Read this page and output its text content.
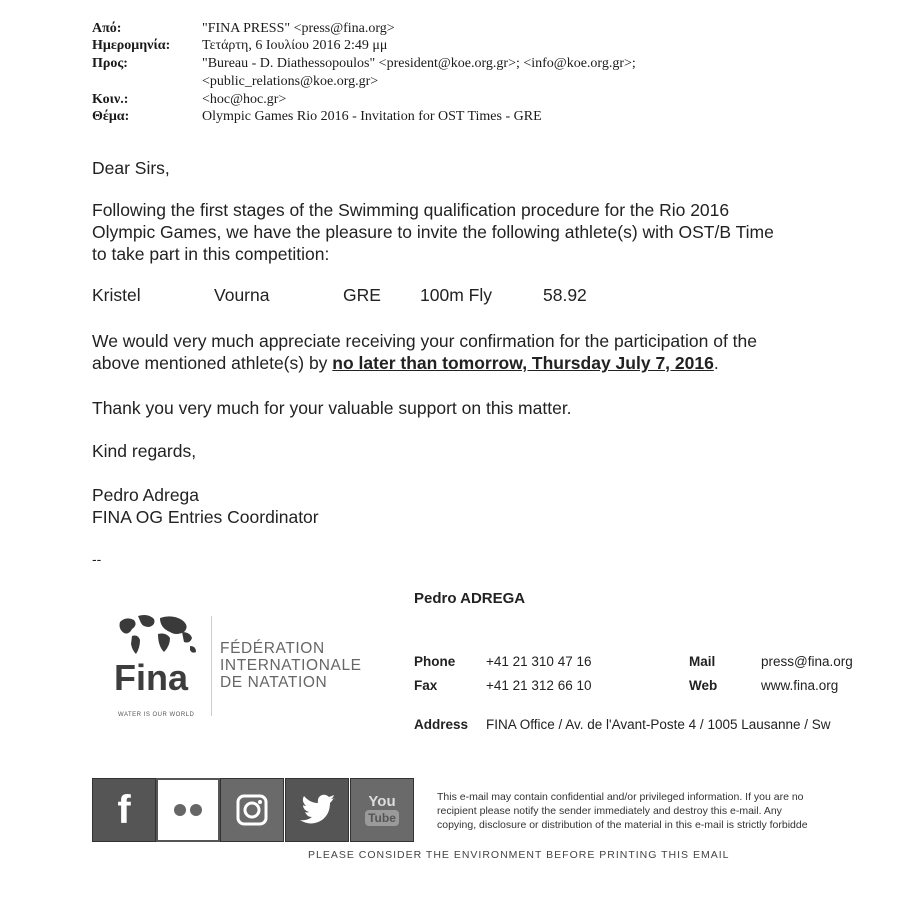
Από:	"FINA PRESS" <press@fina.org>
Ημερομηνία: Τετάρτη, 6 Ιουλίου 2016 2:49 μμ
Προς:	"Bureau - D. Diathessopoulos" <president@koe.org.gr>; <info@koe.org.gr>;
<public_relations@koe.org.gr>
Κοιν.:	<hoc@hoc.gr>
Θέμα:	Olympic Games Rio 2016 - Invitation for OST Times - GRE
Dear Sirs,
Following the first stages of the Swimming qualification procedure for the Rio 2016
Olympic Games, we have the pleasure to invite the following athlete(s) with OST/B Time
to take part in this competition:
Kristel	Vourna	GRE 100m Fly	58.92
We would very much appreciate receiving your confirmation for the participation of the
above mentioned athlete(s) by no later than tomorrow, Thursday July 7, 2016.
Thank you very much for your valuable support on this matter.
Kind regards,
Pedro Adrega
FINA OG Entries Coordinator
--
Fina
WATER IS OUR WORLD
FÉDÉRATION
INTERNATIONALE
DE NATATION
Pedro ADREGA
Phone +41 21 310 47 16	Mail	press@fina.org
Fax	+41 21 312 66 10	Web	www.fina.org
Address FINA Office / Av. de l'Avant-Poste 4 / 1005 Lausanne / Sw
f	You
Tube
This e-mail may contain confidential and/or privileged information. If you are no
recipient please notify the sender immediately and destroy this e-mail. Any
copying, disclosure or distribution of the material in this e-mail is strictly forbidde
PLEASE CONSIDER THE ENVIRONMENT BEFORE PRINTING THIS EMAIL
